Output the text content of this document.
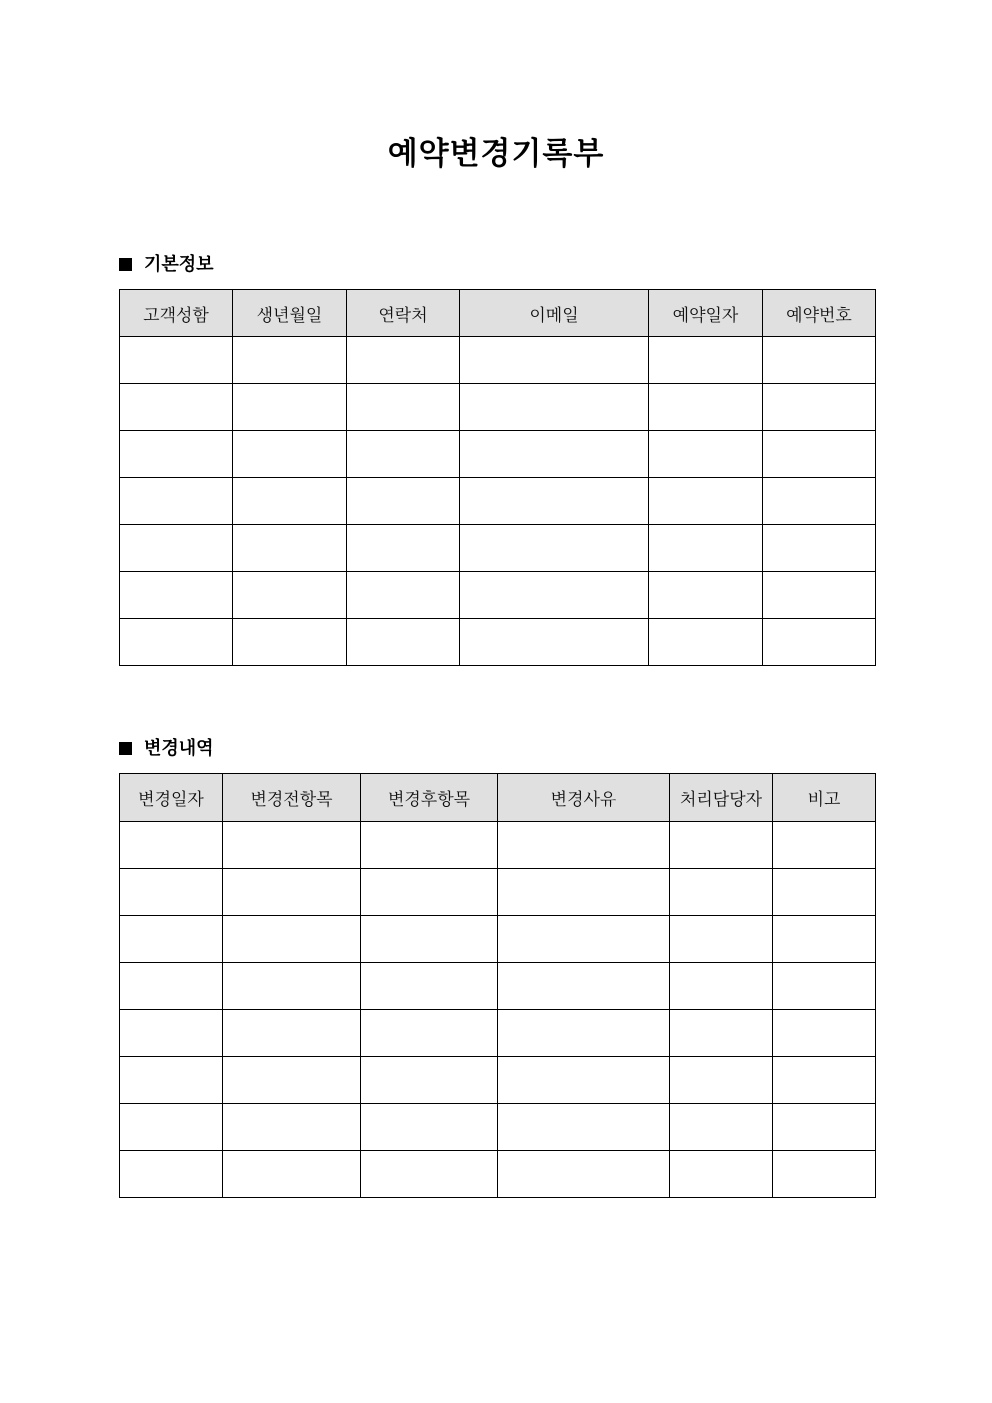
예약변경기록부
기본정보
고객성함	생년월일	연락처	이메일	예약일자	예약번호

변경내역
변경일자	변경전항목	변경후항목	변경사유	처리담당자	비고
